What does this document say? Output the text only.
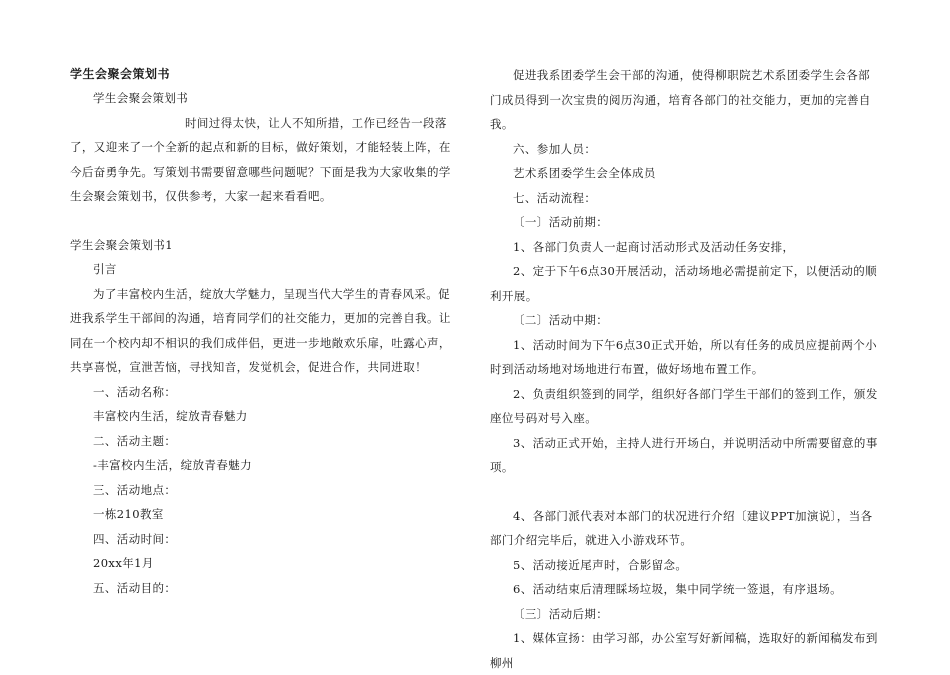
学生会聚会策划书

学生会聚会策划书

时间过得太快，让人不知所措，工作已经告一段落了，又迎来了一个全新的起点和新的目标，做好策划，才能轻装上阵，在今后奋勇争先。写策划书需要留意哪些问题呢？下面是我为大家收集的学生会聚会策划书，仅供参考，大家一起来看看吧。

学生会聚会策划书1

引言

为了丰富校内生活，绽放大学魅力，呈现当代大学生的青春风采。促进我系学生干部间的沟通，培育同学们的社交能力，更加的完善自我。让同在一个校内却不相识的我们成伴侣，更进一步地敞欢乐扉，吐露心声，共享喜悦，宣泄苦恼，寻找知音，发觉机会，促进合作，共同进取！

一、活动名称：

丰富校内生活，绽放青春魅力

二、活动主题：

-丰富校内生活，绽放青春魅力

三、活动地点：

一栋210教室

四、活动时间：

20xx年1月

五、活动目的：

促进我系团委学生会干部的沟通，使得柳职院艺术系团委学生会各部门成员得到一次宝贵的阅历沟通，培育各部门的社交能力，更加的完善自我。

六、参加人员：

艺术系团委学生会全体成员

七、活动流程：

〔一〕活动前期：

1、各部门负责人一起商讨活动形式及活动任务安排，

2、定于下午6点30开展活动，活动场地必需提前定下，以便活动的顺利开展。

〔二〕活动中期：

1、活动时间为下午6点30正式开始，所以有任务的成员应提前两个小时到活动场地对场地进行布置，做好场地布置工作。

2、负责组织签到的同学，组织好各部门学生干部们的签到工作，颁发座位号码对号入座。

3、活动正式开始，主持人进行开场白，并说明活动中所需要留意的事项。

4、各部门派代表对本部门的状况进行介绍〔建议PPT加演说〕，当各部门介绍完毕后，就进入小游戏环节。

5、活动接近尾声时，合影留念。

6、活动结束后清理睬场垃圾，集中同学统一签退，有序退场。

〔三〕活动后期：

1、媒体宣扬：由学习部，办公室写好新闻稿，选取好的新闻稿发布到柳州
